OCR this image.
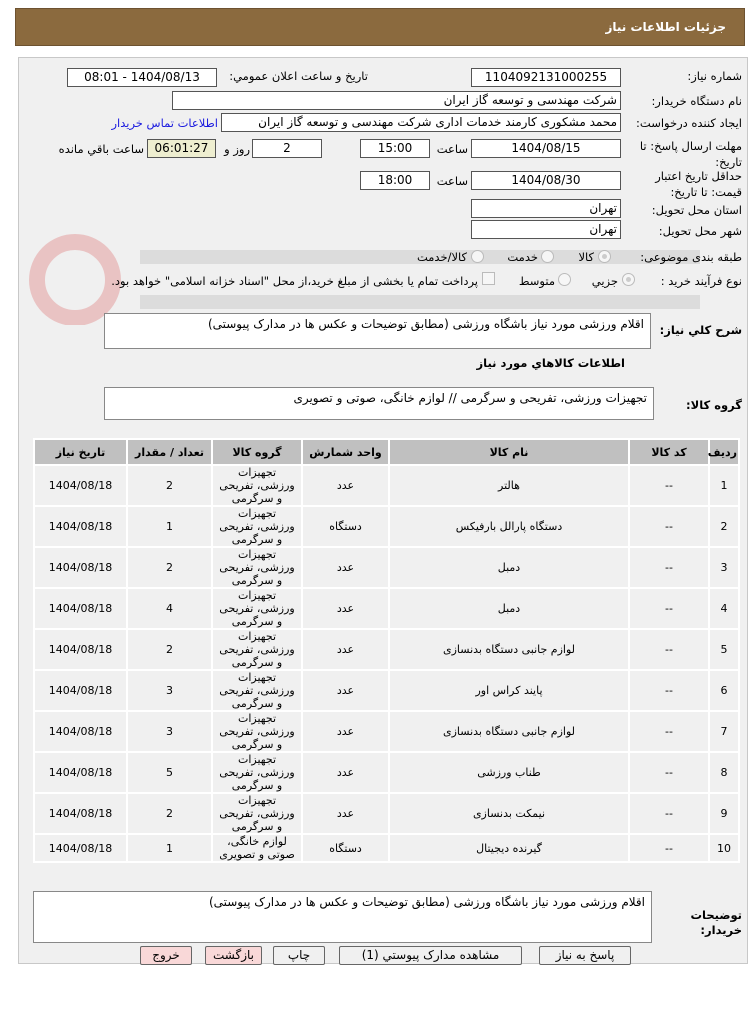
جزئيات اطلاعات نياز
شماره نياز:
1104092131000255
تاريخ و ساعت اعلان عمومي:
1404/08/13 - 08:01
نام دستگاه خريدار:
شرکت مهندسی و توسعه گاز ایران
ايجاد کننده درخواست:
محمد مشکوری کارمند خدمات اداری شرکت مهندسی و توسعه گاز ایران
اطلاعات تماس خريدار
مهلت ارسال پاسخ: تا تاريخ:
1404/08/15
ساعت
15:00
2
روز و
06:01:27
ساعت باقي مانده
حداقل تاريخ اعتبار قيمت: تا تاريخ:
1404/08/30
ساعت
18:00
استان محل تحويل:
تهران
شهر محل تحويل:
تهران
طبقه بندی موضوعی:
کالا
خدمت
کالا/خدمت
نوع فرآيند خريد :
جزيي
متوسط
پرداخت تمام يا بخشی از مبلغ خريد،از محل "اسناد خزانه اسلامی" خواهد بود.
شرح کلي نياز:
اقلام ورزشی مورد نیاز باشگاه ورزشی (مطابق توضیحات و عکس ها در مدارک پیوستی)
اطلاعات کالاهاي مورد نياز
گروه کالا:
تجهیزات ورزشی، تفریحی و سرگرمی // لوازم خانگی، صوتی و تصویری
رديف	کد کالا	نام کالا	واحد شمارش	گروه کالا	تعداد / مقدار	تاريخ نياز
1	--	هالتر	عدد	تجهیزات ورزشی، تفریحی و سرگرمی	2	1404/08/18
2	--	دستگاه پارالل بارفیکس	دستگاه	تجهیزات ورزشی، تفریحی و سرگرمی	1	1404/08/18
3	--	دمبل	عدد	تجهیزات ورزشی، تفریحی و سرگرمی	2	1404/08/18
4	--	دمبل	عدد	تجهیزات ورزشی، تفریحی و سرگرمی	4	1404/08/18
5	--	لوازم جانبی دستگاه بدنسازی	عدد	تجهیزات ورزشی، تفریحی و سرگرمی	2	1404/08/18
6	--	پایند کراس اور	عدد	تجهیزات ورزشی، تفریحی و سرگرمی	3	1404/08/18
7	--	لوازم جانبی دستگاه بدنسازی	عدد	تجهیزات ورزشی، تفریحی و سرگرمی	3	1404/08/18
8	--	طناب ورزشی	عدد	تجهیزات ورزشی، تفریحی و سرگرمی	5	1404/08/18
9	--	نیمکت بدنسازی	عدد	تجهیزات ورزشی، تفریحی و سرگرمی	2	1404/08/18
10	--	گیرنده دیجیتال	دستگاه	لوازم خانگی، صوتی و تصویری	1	1404/08/18
توضيحات خريدار:
اقلام ورزشی مورد نیاز باشگاه ورزشی (مطابق توضیحات و عکس ها در مدارک پیوستی)
پاسخ به نياز
مشاهده مدارک پيوستي (1)
چاپ
بازگشت
خروج
